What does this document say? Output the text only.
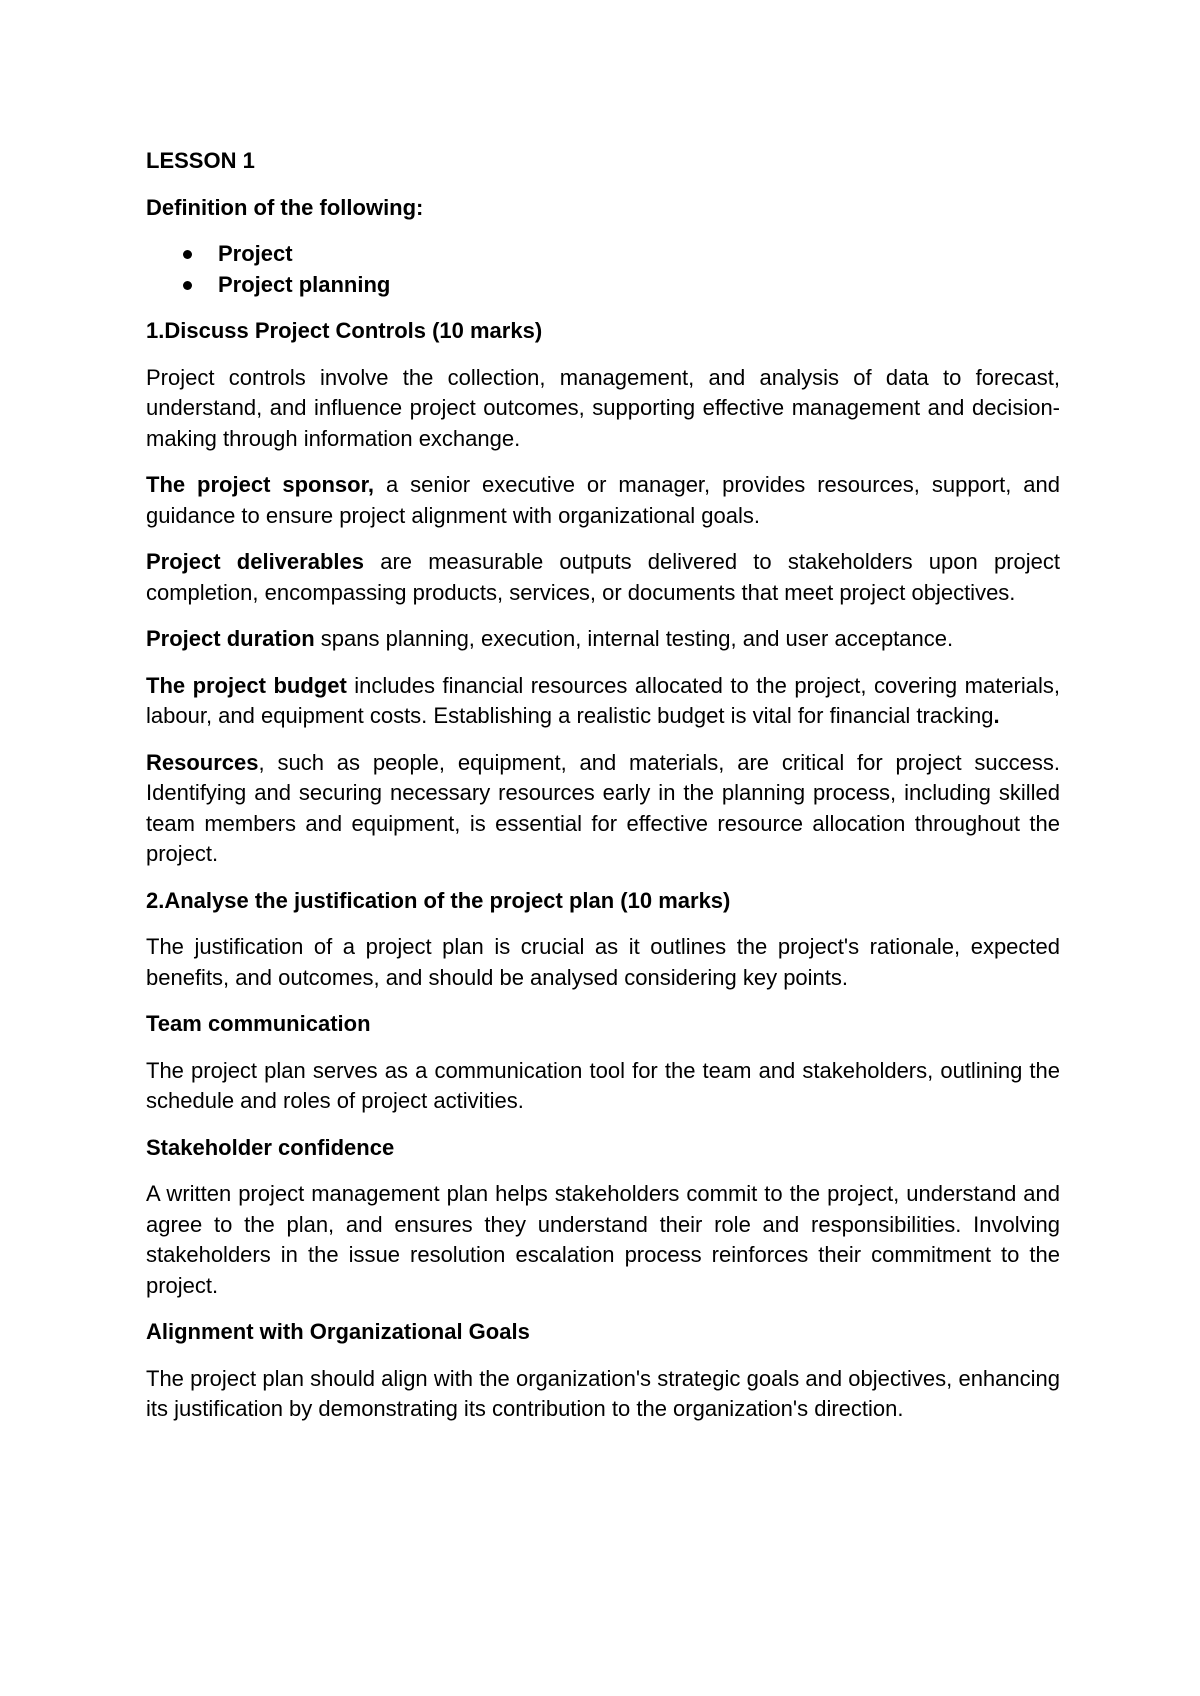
LESSON 1

Definition of the following:

Project
Project planning

1.Discuss Project Controls (10 marks)

Project controls involve the collection, management, and analysis of data to forecast, understand, and influence project outcomes, supporting effective management and decision-making through information exchange.

The project sponsor, a senior executive or manager, provides resources, support, and guidance to ensure project alignment with organizational goals.

Project deliverables are measurable outputs delivered to stakeholders upon project completion, encompassing products, services, or documents that meet project objectives.

Project duration spans planning, execution, internal testing, and user acceptance.

The project budget includes financial resources allocated to the project, covering materials, labour, and equipment costs. Establishing a realistic budget is vital for financial tracking.

Resources, such as people, equipment, and materials, are critical for project success. Identifying and securing necessary resources early in the planning process, including skilled team members and equipment, is essential for effective resource allocation throughout the project.

2.Analyse the justification of the project plan (10 marks)

The justification of a project plan is crucial as it outlines the project's rationale, expected benefits, and outcomes, and should be analysed considering key points.

Team communication

The project plan serves as a communication tool for the team and stakeholders, outlining the schedule and roles of project activities.

Stakeholder confidence

A written project management plan helps stakeholders commit to the project, understand and agree to the plan, and ensures they understand their role and responsibilities. Involving stakeholders in the issue resolution escalation process reinforces their commitment to the project.

Alignment with Organizational Goals

The project plan should align with the organization's strategic goals and objectives, enhancing its justification by demonstrating its contribution to the organization's direction.
